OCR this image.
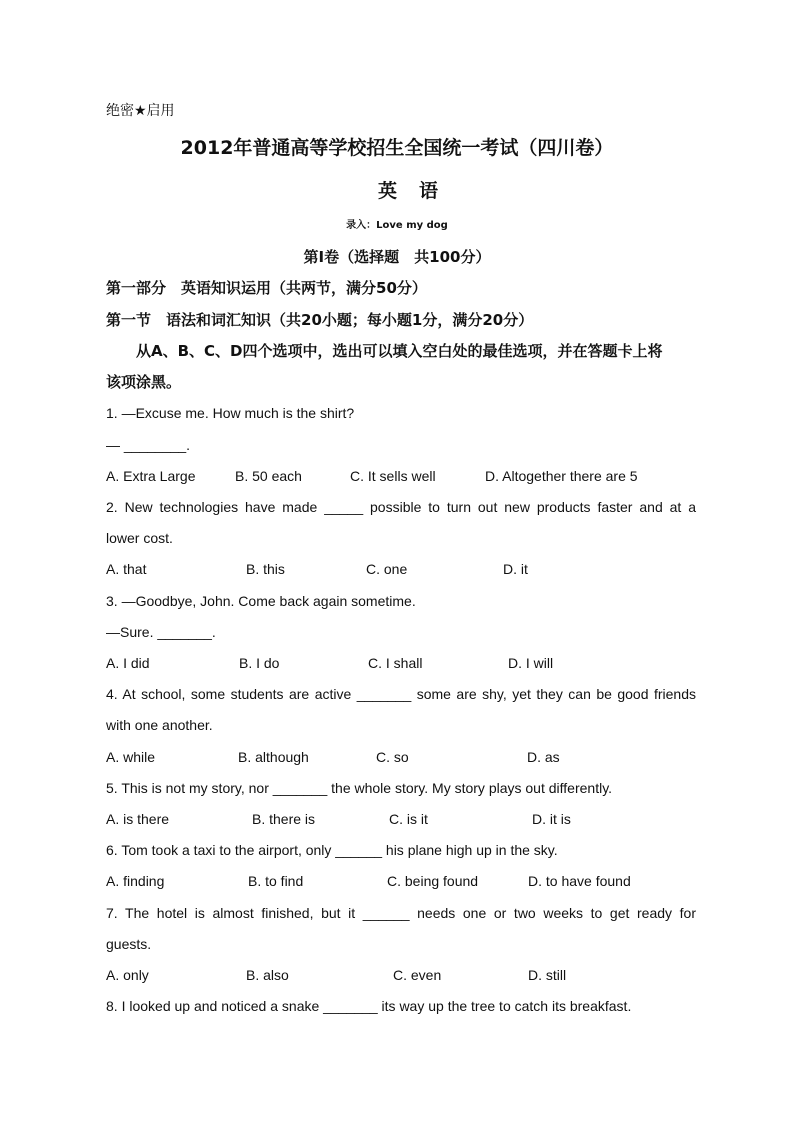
绝密★启用
2012年普通高等学校招生全国统一考试（四川卷）
英语
录入：Love my dog
第Ⅰ卷（选择题　共100分）
第一部分　英语知识运用（共两节，满分50分）
第一节　语法和词汇知识（共20小题；每小题1分，满分20分）
从A、B、C、D四个选项中，选出可以填入空白处的最佳选项，并在答题卡上将
该项涂黑。
1. —Excuse me. How much is the shirt?
— ________.
A. Extra Large	B. 50 each	C. It sells well	D. Altogether there are 5
2. New technologies have made _____ possible to turn out new products faster and at a
lower cost.
A. that	B. this	C. one	D. it
3. —Goodbye, John. Come back again sometime.
—Sure. _______.
A. I did	B. I do	C. I shall	D. I will
4. At school, some students are active _______ some are shy, yet they can be good friends
with one another.
A. while	B. although	C. so	D. as
5. This is not my story, nor _______ the whole story. My story plays out differently.
A. is there	B. there is	C. is it	D. it is
6. Tom took a taxi to the airport, only ______ his plane high up in the sky.
A. finding	B. to find	C. being found	D. to have found
7. The hotel is almost finished, but it ______ needs one or two weeks to get ready for
guests.
A. only	B. also	C. even	D. still
8. I looked up and noticed a snake _______ its way up the tree to catch its breakfast.
